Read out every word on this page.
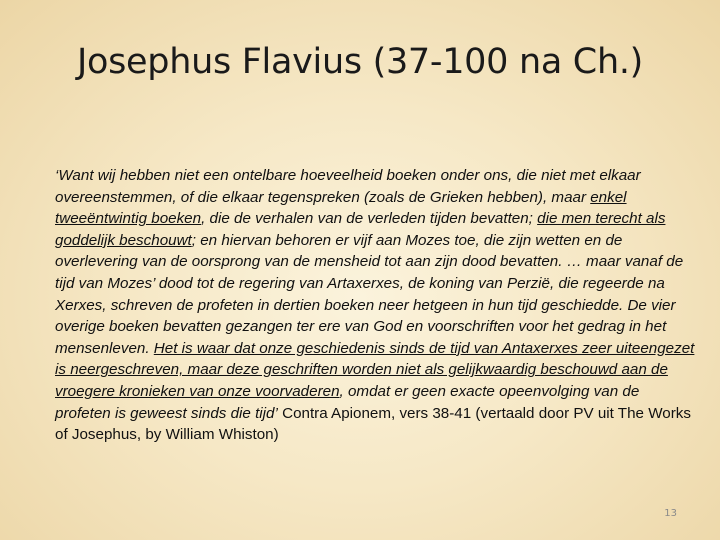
Josephus Flavius (37-100 na Ch.)

‘Want wij hebben niet een ontelbare hoeveelheid boeken onder ons, die niet met elkaar overeenstemmen, of die elkaar tegenspreken (zoals de Grieken hebben), maar enkel tweeëntwintig boeken, die de verhalen van de verleden tijden bevatten; die men terecht als goddelijk beschouwt; en hiervan behoren er vijf aan Mozes toe, die zijn wetten en de overlevering van de oorsprong van de mensheid tot aan zijn dood bevatten. … maar vanaf de tijd van Mozes’ dood tot de regering van Artaxerxes, de koning van Perzië, die regeerde na Xerxes, schreven de profeten in dertien boeken neer hetgeen in hun tijd geschiedde. De vier overige boeken bevatten gezangen ter ere van God en voorschriften voor het gedrag in het mensenleven. Het is waar dat onze geschiedenis sinds de tijd van Antaxerxes zeer uiteengezet is neergeschreven, maar deze geschriften worden niet als gelijkwaardig beschouwd aan de vroegere kronieken van onze voorvaderen, omdat er geen exacte opeenvolging van de profeten is geweest sinds die tijd’ Contra Apionem, vers 38-41 (vertaald door PV uit The Works of Josephus, by William Whiston)

13
